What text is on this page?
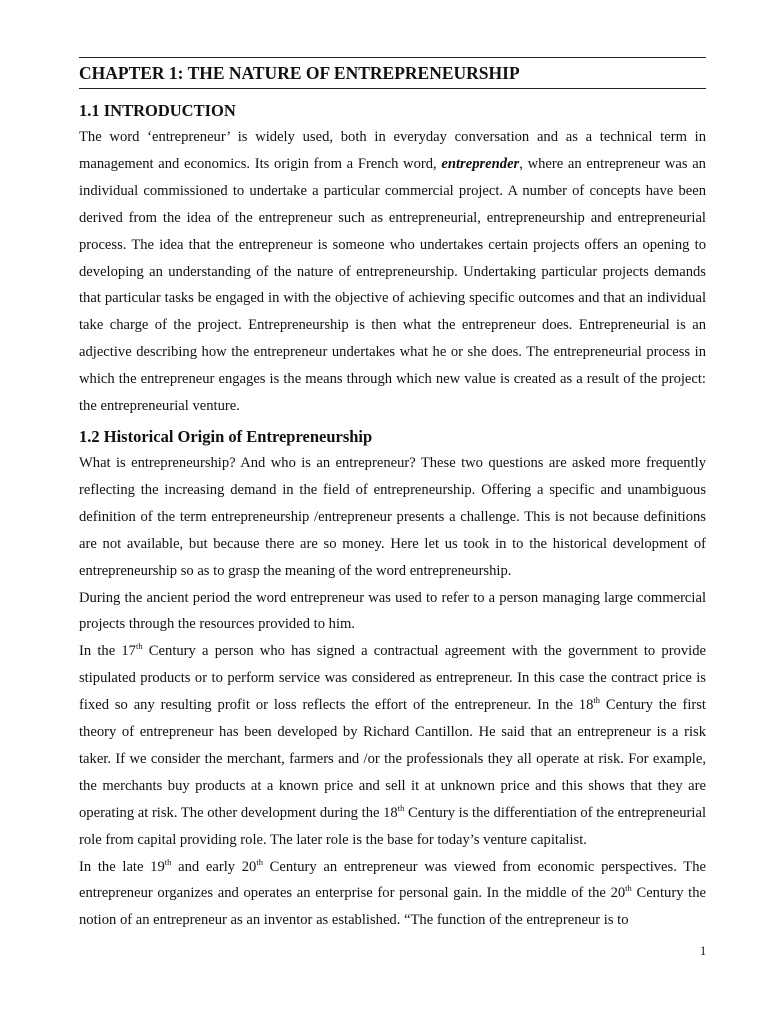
CHAPTER 1: THE NATURE OF ENTREPRENEURSHIP
1.1 INTRODUCTION

The word ‘entrepreneur’ is widely used, both in everyday conversation and as a technical term in management and economics. Its origin from a French word, entreprender, where an entrepreneur was an individual commissioned to undertake a particular commercial project. A number of concepts have been derived from the idea of the entrepreneur such as entrepreneurial, entrepreneurship and entrepreneurial process. The idea that the entrepreneur is someone who undertakes certain projects offers an opening to developing an understanding of the nature of entrepreneurship. Undertaking particular projects demands that particular tasks be engaged in with the objective of achieving specific outcomes and that an individual take charge of the project. Entrepreneurship is then what the entrepreneur does. Entrepreneurial is an adjective describing how the entrepreneur undertakes what he or she does. The entrepreneurial process in which the entrepreneur engages is the means through which new value is created as a result of the project: the entrepreneurial venture.

1.2 Historical Origin of Entrepreneurship

What is entrepreneurship? And who is an entrepreneur? These two questions are asked more frequently reflecting the increasing demand in the field of entrepreneurship. Offering a specific and unambiguous definition of the term entrepreneurship /entrepreneur presents a challenge. This is not because definitions are not available, but because there are so money. Here let us took in to the historical development of entrepreneurship so as to grasp the meaning of the word entrepreneurship.

During the ancient period the word entrepreneur was used to refer to a person managing large commercial projects through the resources provided to him.

In the 17th Century a person who has signed a contractual agreement with the government to provide stipulated products or to perform service was considered as entrepreneur. In this case the contract price is fixed so any resulting profit or loss reflects the effort of the entrepreneur. In the 18th Century the first theory of entrepreneur has been developed by Richard Cantillon. He said that an entrepreneur is a risk taker. If we consider the merchant, farmers and /or the professionals they all operate at risk. For example, the merchants buy products at a known price and sell it at unknown price and this shows that they are operating at risk. The other development during the 18th Century is the differentiation of the entrepreneurial role from capital providing role. The later role is the base for today’s venture capitalist.

In the late 19th and early 20th Century an entrepreneur was viewed from economic perspectives. The entrepreneur organizes and operates an enterprise for personal gain. In the middle of the 20th Century the notion of an entrepreneur as an inventor as established. “The function of the entrepreneur is to

1
